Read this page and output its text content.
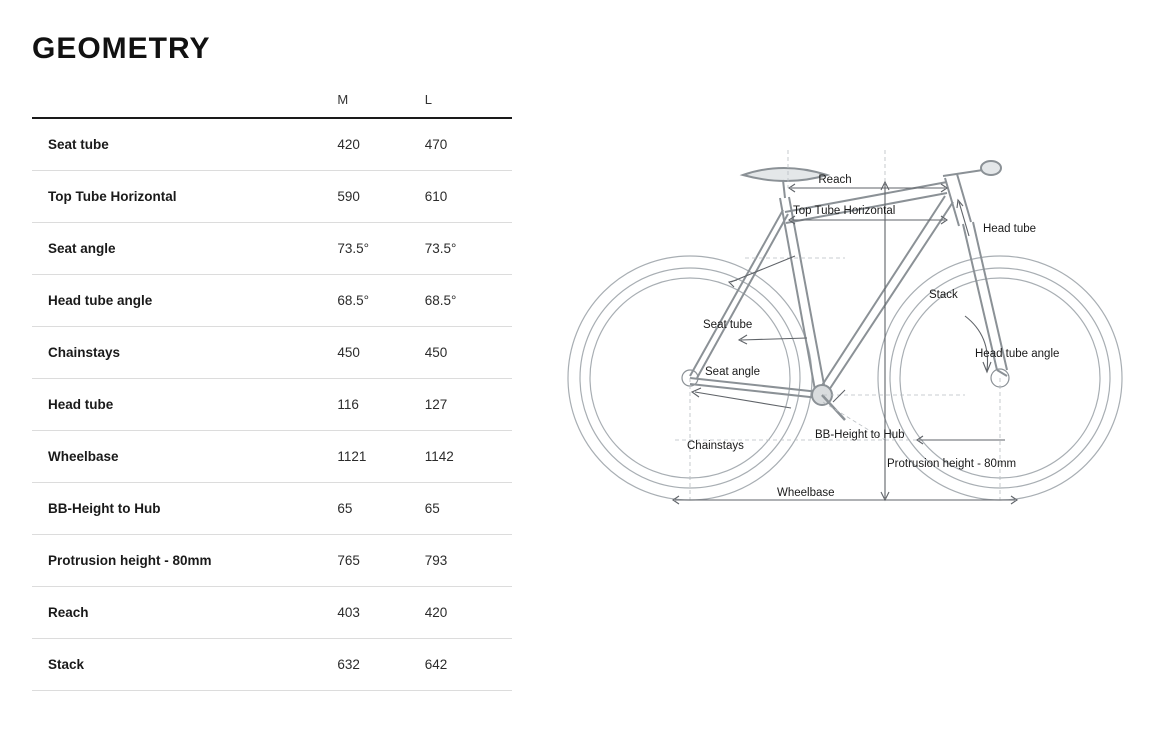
GEOMETRY
	M	L
Seat tube	420	470
Top Tube Horizontal	590	610
Seat angle	73.5°	73.5°
Head tube angle	68.5°	68.5°
Chainstays	450	450
Head tube	116	127
Wheelbase	1121	1142
BB-Height to Hub	65	65
Protrusion height - 80mm	765	793
Reach	403	420
Stack	632	642
Reach
Top Tube Horizontal
Head tube
Stack
Seat tube
Seat angle
Head tube angle
Chainstays
BB-Height to Hub
Protrusion height - 80mm
Wheelbase
